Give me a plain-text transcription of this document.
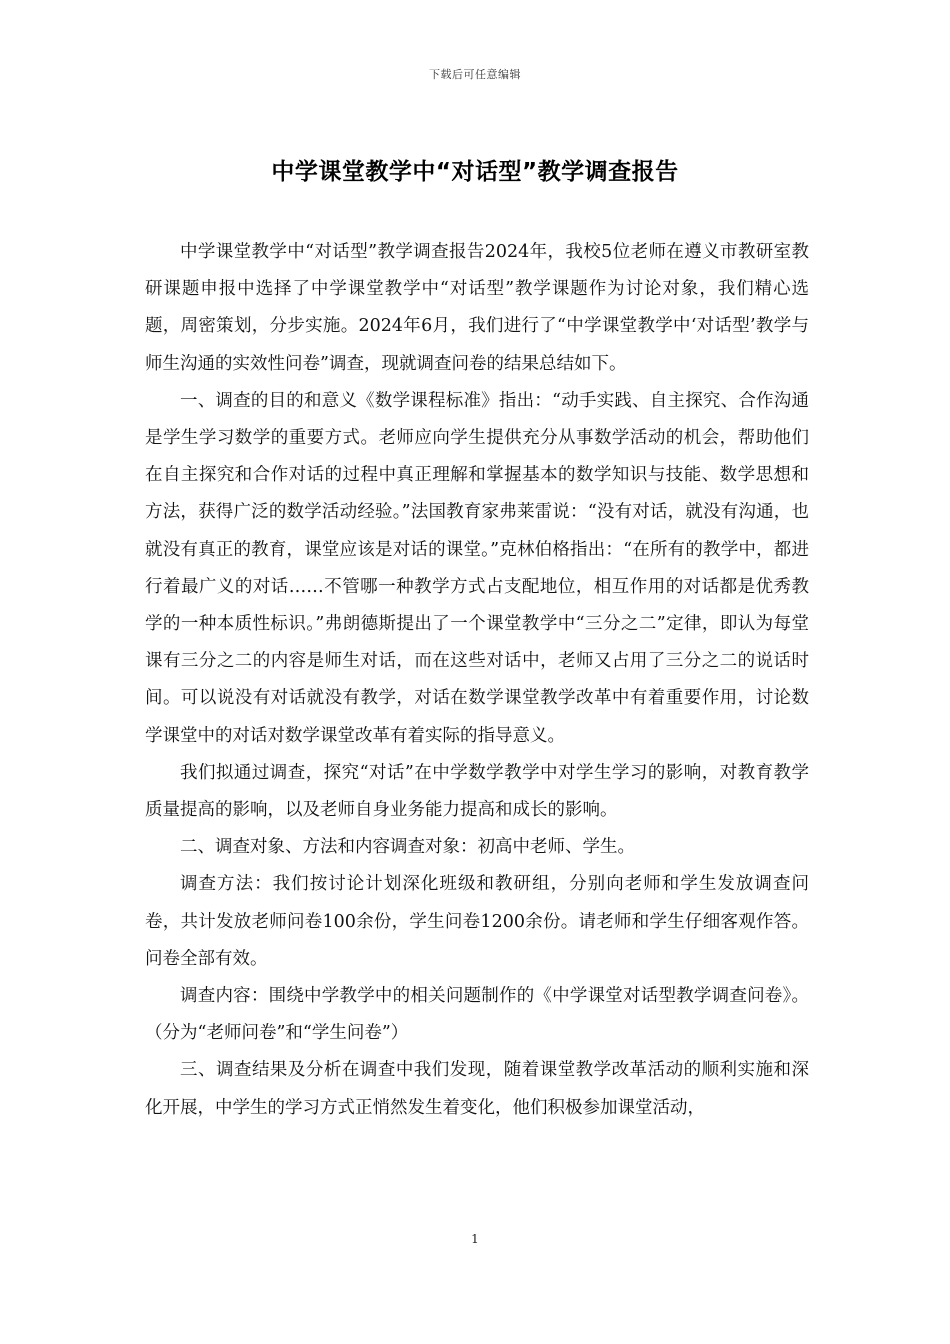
下载后可任意编辑
中学课堂教学中“对话型”教学调查报告

中学课堂教学中“对话型”教学调查报告2024年，我校5位老师在遵义市教研室教研课题申报中选择了中学课堂教学中“对话型”教学课题作为讨论对象，我们精心选题，周密策划，分步实施。2024年6月，我们进行了“中学课堂教学中‘对话型’教学与师生沟通的实效性问卷”调查，现就调查问卷的结果总结如下。

一、调查的目的和意义《数学课程标准》指出：“动手实践、自主探究、合作沟通是学生学习数学的重要方式。老师应向学生提供充分从事数学活动的机会，帮助他们在自主探究和合作对话的过程中真正理解和掌握基本的数学知识与技能、数学思想和方法，获得广泛的数学活动经验。”法国教育家弗莱雷说：“没有对话，就没有沟通，也就没有真正的教育，课堂应该是对话的课堂。”克林伯格指出：“在所有的教学中，都进行着最广义的对话……不管哪一种教学方式占支配地位，相互作用的对话都是优秀教学的一种本质性标识。”弗朗德斯提出了一个课堂教学中“三分之二”定律，即认为每堂课有三分之二的内容是师生对话，而在这些对话中，老师又占用了三分之二的说话时间。可以说没有对话就没有教学，对话在数学课堂教学改革中有着重要作用，讨论数学课堂中的对话对数学课堂改革有着实际的指导意义。

我们拟通过调查，探究“对话”在中学数学教学中对学生学习的影响，对教育教学质量提高的影响，以及老师自身业务能力提高和成长的影响。

二、调查对象、方法和内容调查对象：初高中老师、学生。

调查方法：我们按讨论计划深化班级和教研组，分别向老师和学生发放调查问卷，共计发放老师问卷100余份，学生问卷1200余份。请老师和学生仔细客观作答。问卷全部有效。

调查内容：围绕中学教学中的相关问题制作的《中学课堂对话型教学调查问卷》。（分为“老师问卷”和“学生问卷”）

三、调查结果及分析在调查中我们发现，随着课堂教学改革活动的顺利实施和深化开展，中学生的学习方式正悄然发生着变化，他们积极参加课堂活动，

1
